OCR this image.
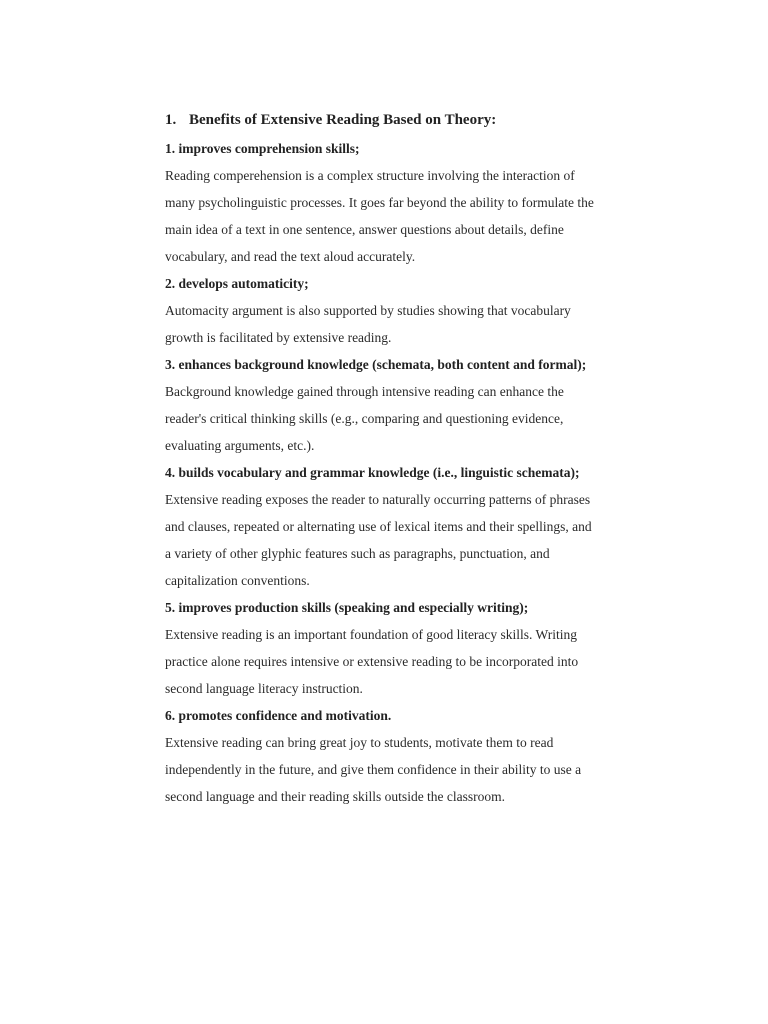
1. Benefits of Extensive Reading Based on Theory:

1. improves comprehension skills;

Reading comperehension is a complex structure involving the interaction of
many psycholinguistic processes. It goes far beyond the ability to formulate the
main idea of a text in one sentence, answer questions about details, define
vocabulary, and read the text aloud accurately.

2. develops automaticity;

Automacity argument is also supported by studies showing that vocabulary
growth is facilitated by extensive reading.

3. enhances background knowledge (schemata, both content and formal);

Background knowledge gained through intensive reading can enhance the
reader's critical thinking skills (e.g., comparing and questioning evidence,
evaluating arguments, etc.).

4. builds vocabulary and grammar knowledge (i.e., linguistic schemata);

Extensive reading exposes the reader to naturally occurring patterns of phrases
and clauses, repeated or alternating use of lexical items and their spellings, and
a variety of other glyphic features such as paragraphs, punctuation, and
capitalization conventions.

5. improves production skills (speaking and especially writing);

Extensive reading is an important foundation of good literacy skills. Writing
practice alone requires intensive or extensive reading to be incorporated into
second language literacy instruction.

6. promotes confidence and motivation.

Extensive reading can bring great joy to students, motivate them to read
independently in the future, and give them confidence in their ability to use a
second language and their reading skills outside the classroom.
